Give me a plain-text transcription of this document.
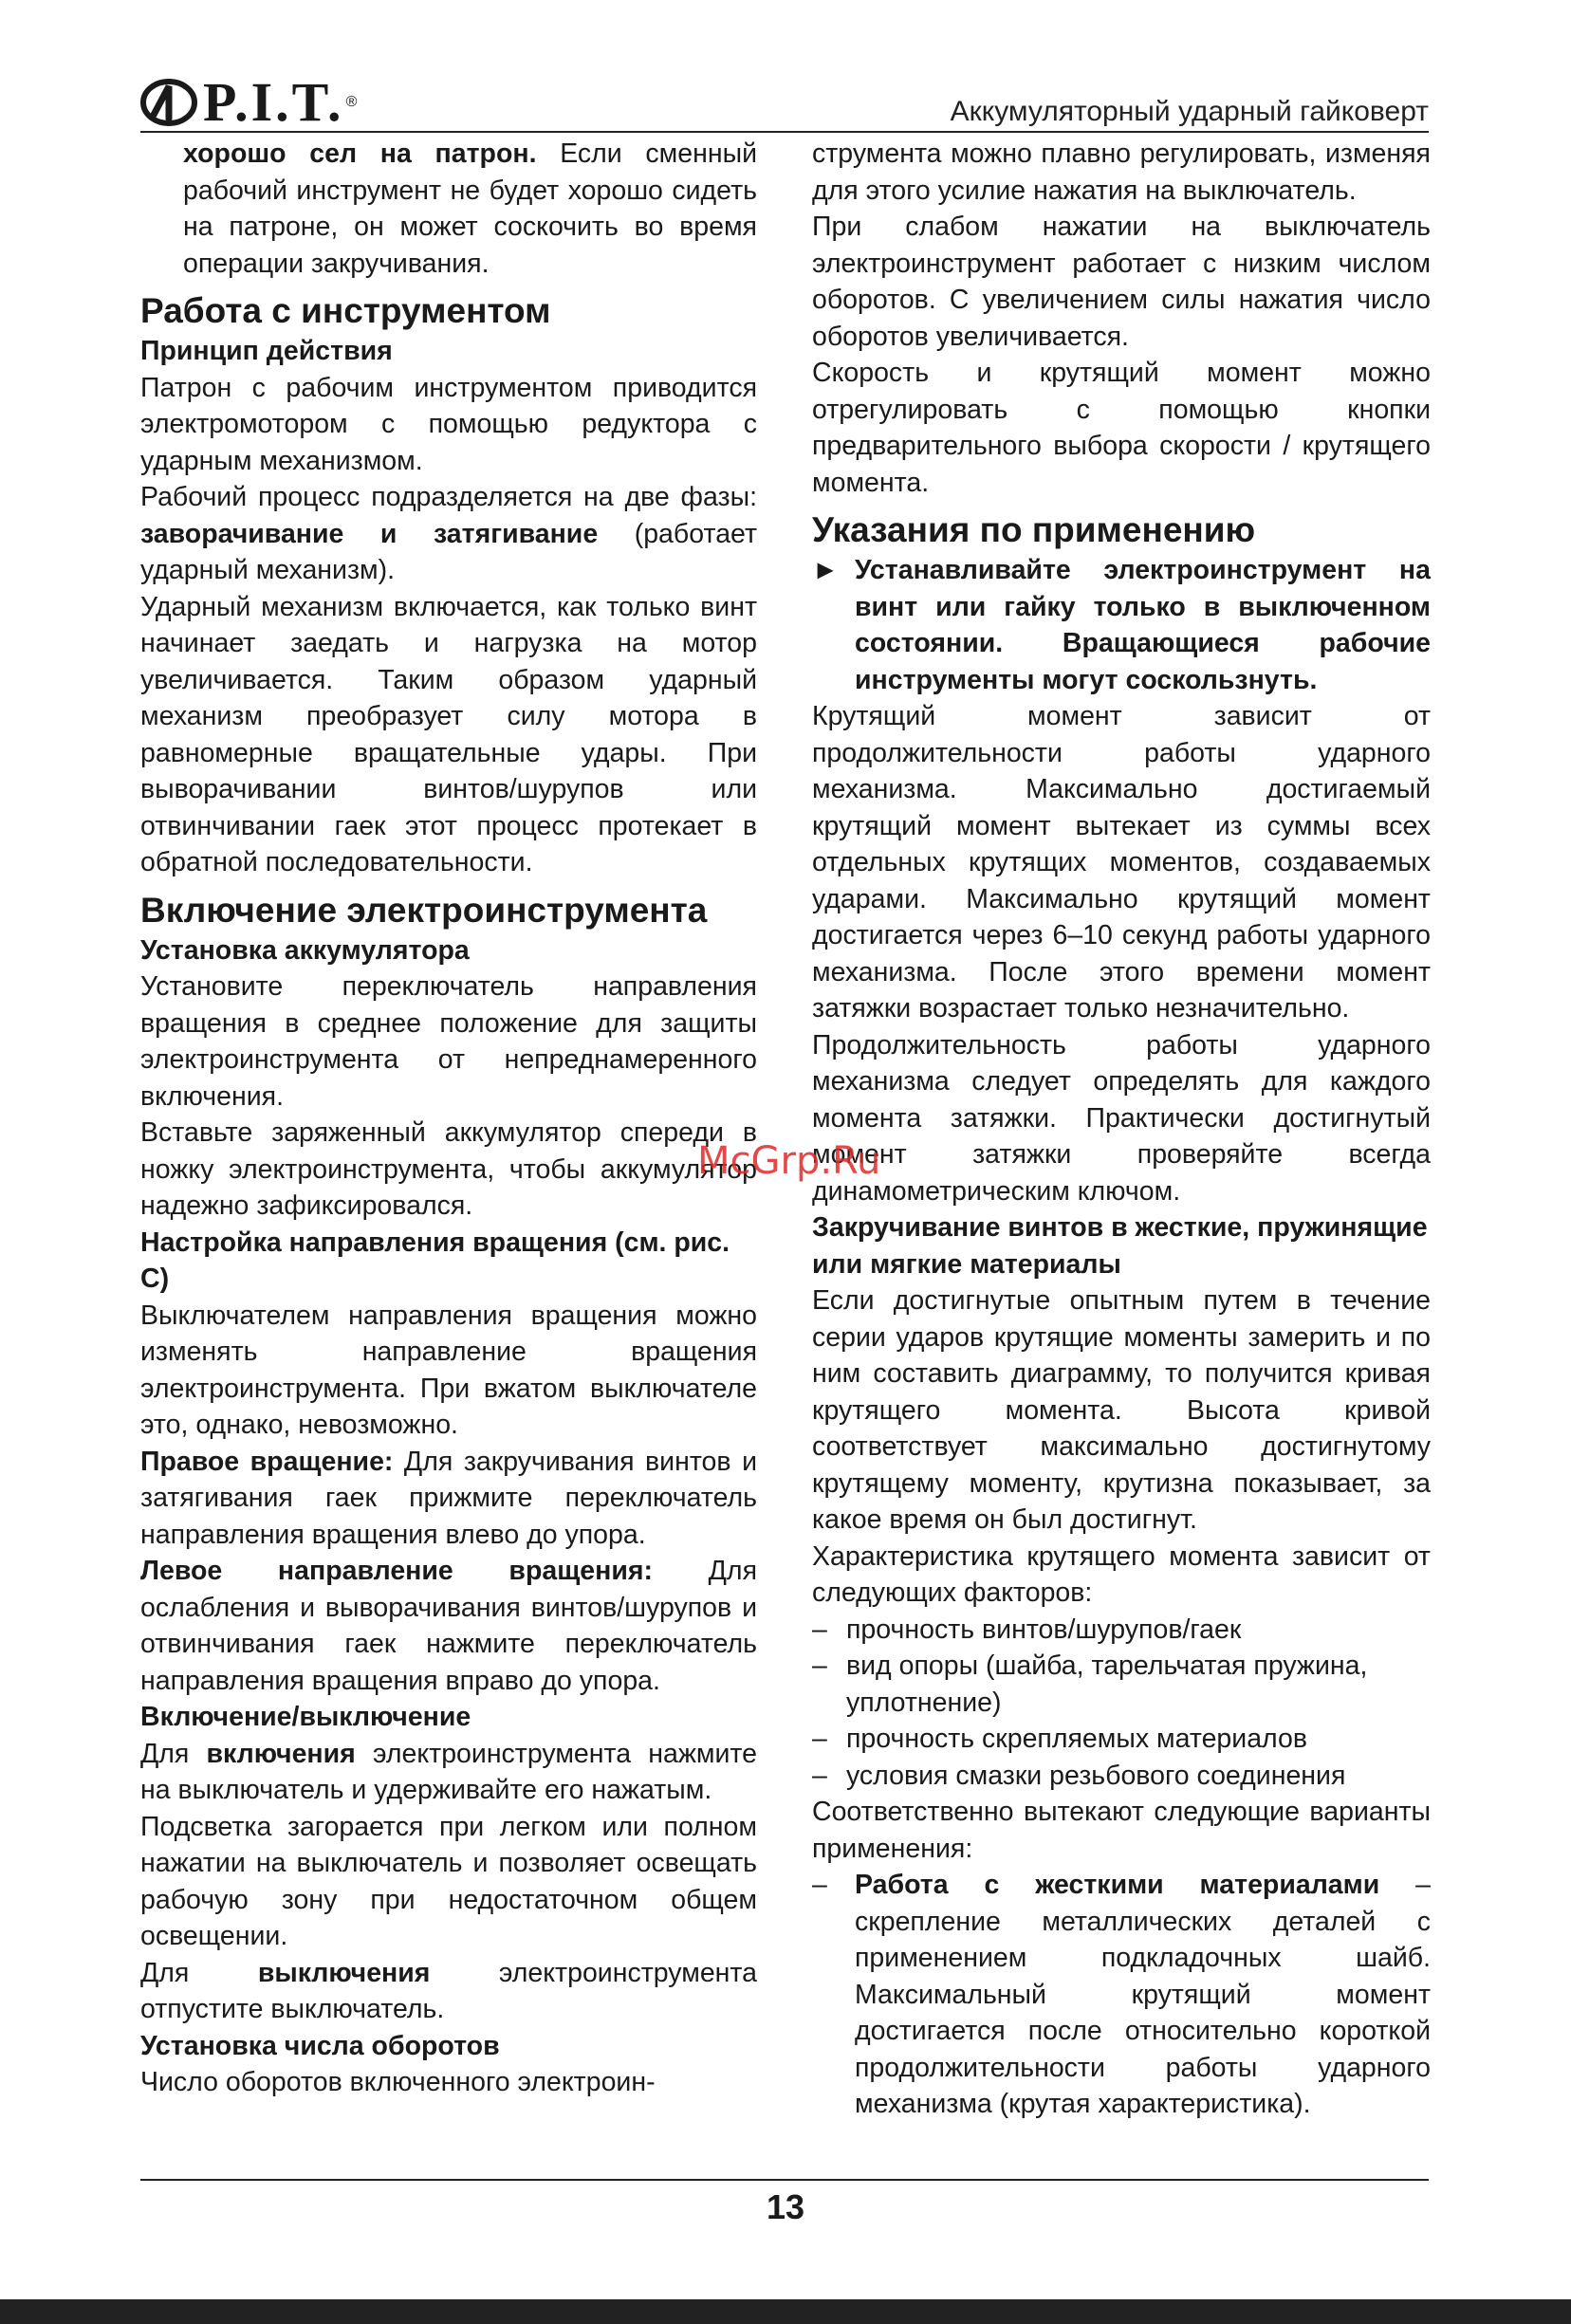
P.I.T. ®	Аккумуляторный ударный гайковерт

хорошо сел на патрон. Если сменный рабочий инструмент не будет хорошо сидеть на патроне, он может соскочить во время операции закручивания.

Работа с инструментом
Принцип действия

Патрон с рабочим инструментом приводится электромотором с помощью редуктора с ударным механизмом.

Рабочий процесс подразделяется на две фазы: заворачивание и затягивание (работает ударный механизм).

Ударный механизм включается, как только винт начинает заедать и нагрузка на мотор увеличивается. Таким образом ударный механизм преобразует силу мотора в равномерные вращательные удары. При выворачивании винтов/шурупов или отвинчивании гаек этот процесс протекает в обратной последовательности.

Включение электроинструмента
Установка аккумулятора

Установите переключатель направления вращения в среднее положение для защиты электроинструмента от непреднамеренного включения.

Вставьте заряженный аккумулятор спереди в ножку электроинструмента, чтобы аккумулятор надежно зафиксировался.

Настройка направления вращения (см. рис. C)

Выключателем направления вращения можно изменять направление вращения электроинструмента. При вжатом выключателе это, однако, невозможно.

Правое вращение: Для закручивания винтов и затягивания гаек прижмите переключатель направления вращения влево до упора.

Левое направление вращения: Для ослабления и выворачивания винтов/шурупов и отвинчивания гаек нажмите переключатель направления вращения вправо до упора.

Включение/выключение

Для включения электроинструмента нажмите на выключатель и удерживайте его нажатым.

Подсветка загорается при легком или полном нажатии на выключатель и позволяет освещать рабочую зону при недостаточном общем освещении.

Для выключения электроинструмента отпустите выключатель.

Установка числа оборотов

Число оборотов включенного электроин-

струмента можно плавно регулировать, изменяя для этого усилие нажатия на выключатель.

При слабом нажатии на выключатель электроинструмент работает с низким числом оборотов. С увеличением силы нажатия число оборотов увеличивается.

Скорость и крутящий момент можно отрегулировать с помощью кнопки предварительного выбора скорости / крутящего момента.

Указания по применению
► Устанавливайте электроинструмент на винт или гайку только в выключенном состоянии. Вращающиеся рабочие инструменты могут соскользнуть.

Крутящий момент зависит от продолжительности работы ударного механизма. Максимально достигаемый крутящий момент вытекает из суммы всех отдельных крутящих моментов, создаваемых ударами. Максимально крутящий момент достигается через 6–10 секунд работы ударного механизма. После этого времени момент затяжки возрастает только незначительно.

Продолжительность работы ударного механизма следует определять для каждого момента затяжки. Практически достигнутый момент затяжки проверяйте всегда динамометрическим ключом.

Закручивание винтов в жесткие, пружинящие или мягкие материалы

Если достигнутые опытным путем в течение серии ударов крутящие моменты замерить и по ним составить диаграмму, то получится кривая крутящего момента. Высота кривой соответствует максимально достигнутому крутящему моменту, крутизна показывает, за какое время он был достигнут.

Характеристика крутящего момента зависит от следующих факторов:

– прочность винтов/шурупов/гаек
– вид опоры (шайба, тарельчатая пружина, уплотнение)
– прочность скрепляемых материалов
– условия смазки резьбового соединения

Соответственно вытекают следующие варианты применения:

–	Работа с жесткими материалами – скрепление металлических деталей с применением подкладочных шайб. Максимальный крутящий момент достигается после относительно короткой продолжительности работы ударного механизма (крутая характеристика).
McGrp.Ru
13
